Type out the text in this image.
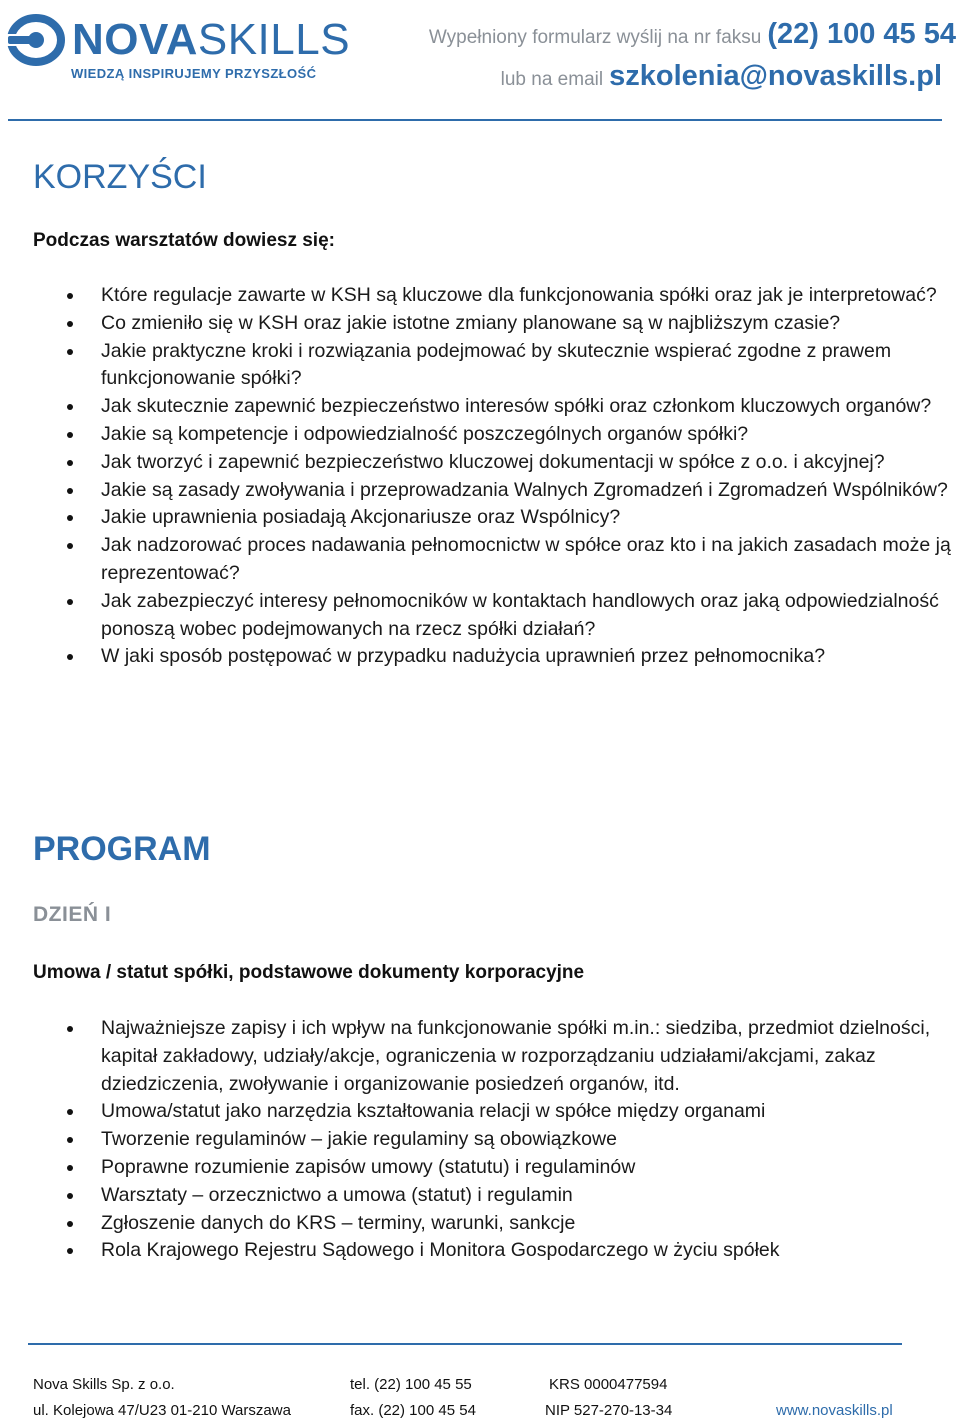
NOVASKILLS
WIEDZĄ INSPIRUJEMY PRZYSZŁOŚĆ
Wypełniony formularz wyślij na nr faksu (22) 100 45 54
lub na email szkolenia@novaskills.pl
KORZYŚCI
Podczas warsztatów dowiesz się:
Które regulacje zawarte w KSH są kluczowe dla funkcjonowania spółki oraz jak je interpretować?
Co zmieniło się w KSH oraz jakie istotne zmiany planowane są w najbliższym czasie?
Jakie praktyczne kroki i rozwiązania podejmować by skutecznie wspierać zgodne z prawem funkcjonowanie spółki?
Jak skutecznie zapewnić bezpieczeństwo interesów spółki oraz członkom kluczowych organów?
Jakie są kompetencje i odpowiedzialność poszczególnych organów spółki?
Jak tworzyć i zapewnić bezpieczeństwo kluczowej dokumentacji w spółce z o.o. i akcyjnej?
Jakie są zasady zwoływania i przeprowadzania Walnych Zgromadzeń i Zgromadzeń Wspólników?
Jakie uprawnienia posiadają Akcjonariusze oraz Wspólnicy?
Jak nadzorować proces nadawania pełnomocnictw w spółce oraz kto i na jakich zasadach może ją reprezentować?
Jak zabezpieczyć interesy pełnomocników w kontaktach handlowych oraz jaką odpowiedzialność ponoszą wobec podejmowanych na rzecz spółki działań?
W jaki sposób postępować w przypadku nadużycia uprawnień przez pełnomocnika?
PROGRAM
DZIEŃ I
Umowa / statut spółki, podstawowe dokumenty korporacyjne
Najważniejsze zapisy i ich wpływ na funkcjonowanie spółki m.in.: siedziba, przedmiot dzielności, kapitał zakładowy, udziały/akcje, ograniczenia w rozporządzaniu udziałami/akcjami, zakaz dziedziczenia, zwoływanie i organizowanie posiedzeń organów, itd.
Umowa/statut jako narzędzia kształtowania relacji w spółce między organami
Tworzenie regulaminów – jakie regulaminy są obowiązkowe
Poprawne rozumienie zapisów umowy (statutu) i regulaminów
Warsztaty – orzecznictwo a umowa (statut) i regulamin
Zgłoszenie danych do KRS – terminy, warunki, sankcje
Rola Krajowego Rejestru Sądowego i Monitora Gospodarczego w życiu spółek
Nova Skills Sp. z o.o.
ul. Kolejowa 47/U23 01-210 Warszawa
tel. (22) 100 45 55
fax. (22) 100 45 54
KRS 0000477594
NIP 527-270-13-34	www.novaskills.pl
